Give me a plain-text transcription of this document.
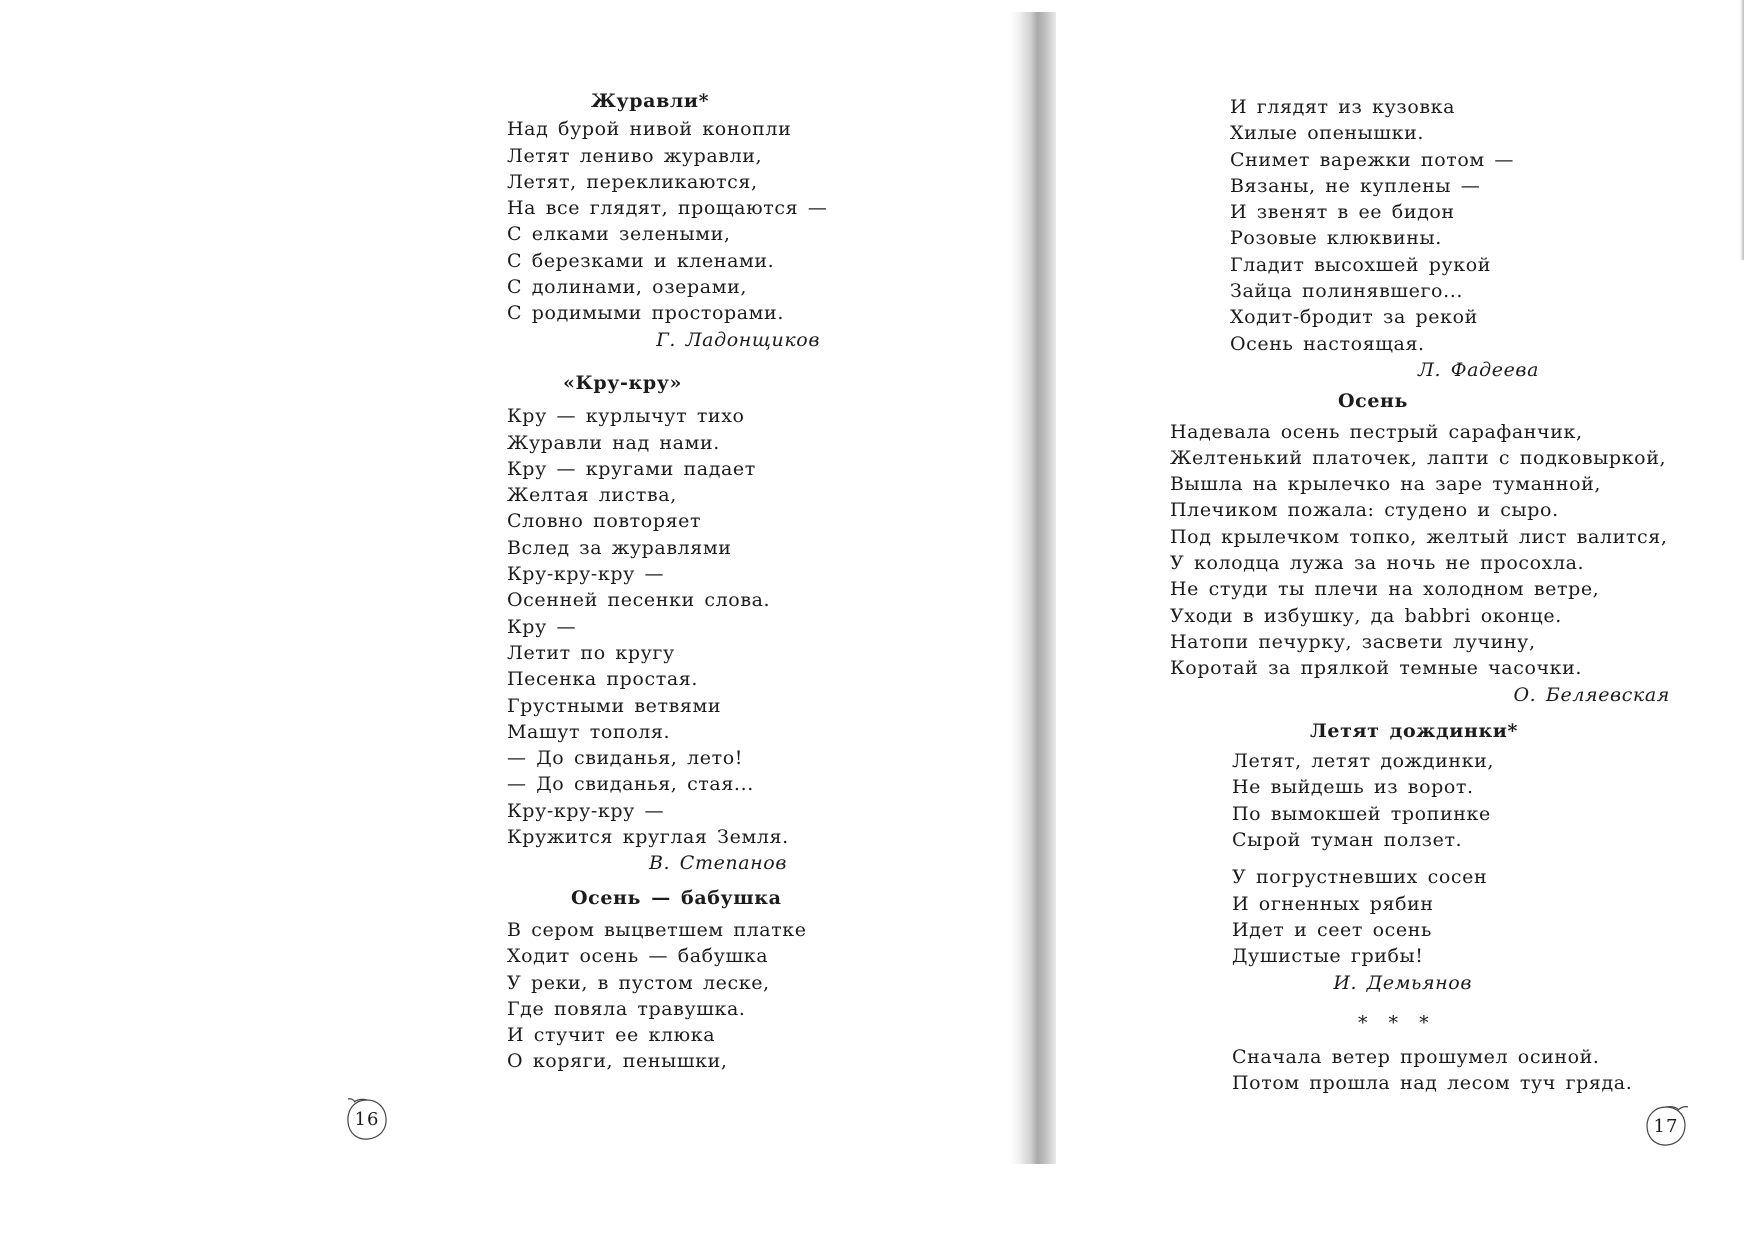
Журавли*
Над бурой нивой конопли
Летят лениво журавли,
Летят, перекликаются,
На все глядят, прощаются —
С елками зелеными,
С березками и кленами.
С долинами, озерами,
С родимыми просторами.
Г. Ладонщиков
«Кру-кру»
Кру — курлычут тихо
Журавли над нами.
Кру — кругами падает
Желтая листва,
Словно повторяет
Вслед за журавлями
Кру-кру-кру —
Осенней песенки слова.
Кру —
Летит по кругу
Песенка простая.
Грустными ветвями
Машут тополя.
— До свиданья, лето!
— До свиданья, стая...
Кру-кру-кру —
Кружится круглая Земля.
В. Степанов
Осень — бабушка
В сером выцветшем платке
Ходит осень — бабушка
У реки, в пустом леске,
Где повяла травушка.
И стучит ее клюка
О коряги, пенышки,
16
И глядят из кузовка
Хилые опенышки.
Снимет варежки потом —
Вязаны, не куплены —
И звенят в ее бидон
Розовые клюквины.
Гладит высохшей рукой
Зайца полинявшего...
Ходит-бродит за рекой
Осень настоящая.
Л. Фадеева
Осень
Надевала осень пестрый сарафанчик,
Желтенький платочек, лапти с подковыркой,
Вышла на крылечко на заре туманной,
Плечиком пожала: студено и сыро.
Под крылечком топко, желтый лист валится,
У колодца лужа за ночь не просохла.
Не студи ты плечи на холодном ветре,
Уходи в избушку, да babbri оконце.
Натопи печурку, засвети лучину,
Коротай за прялкой темные часочки.
О. Беляевская
Летят дождинки*
Летят, летят дождинки,
Не выйдешь из ворот.
По вымокшей тропинке
Сырой туман ползет.
У погрустневших сосен
И огненных рябин
Идет и сеет осень
Душистые грибы!
И. Демьянов
* * *
Сначала ветер прошумел осиной.
Потом прошла над лесом туч гряда.
17
